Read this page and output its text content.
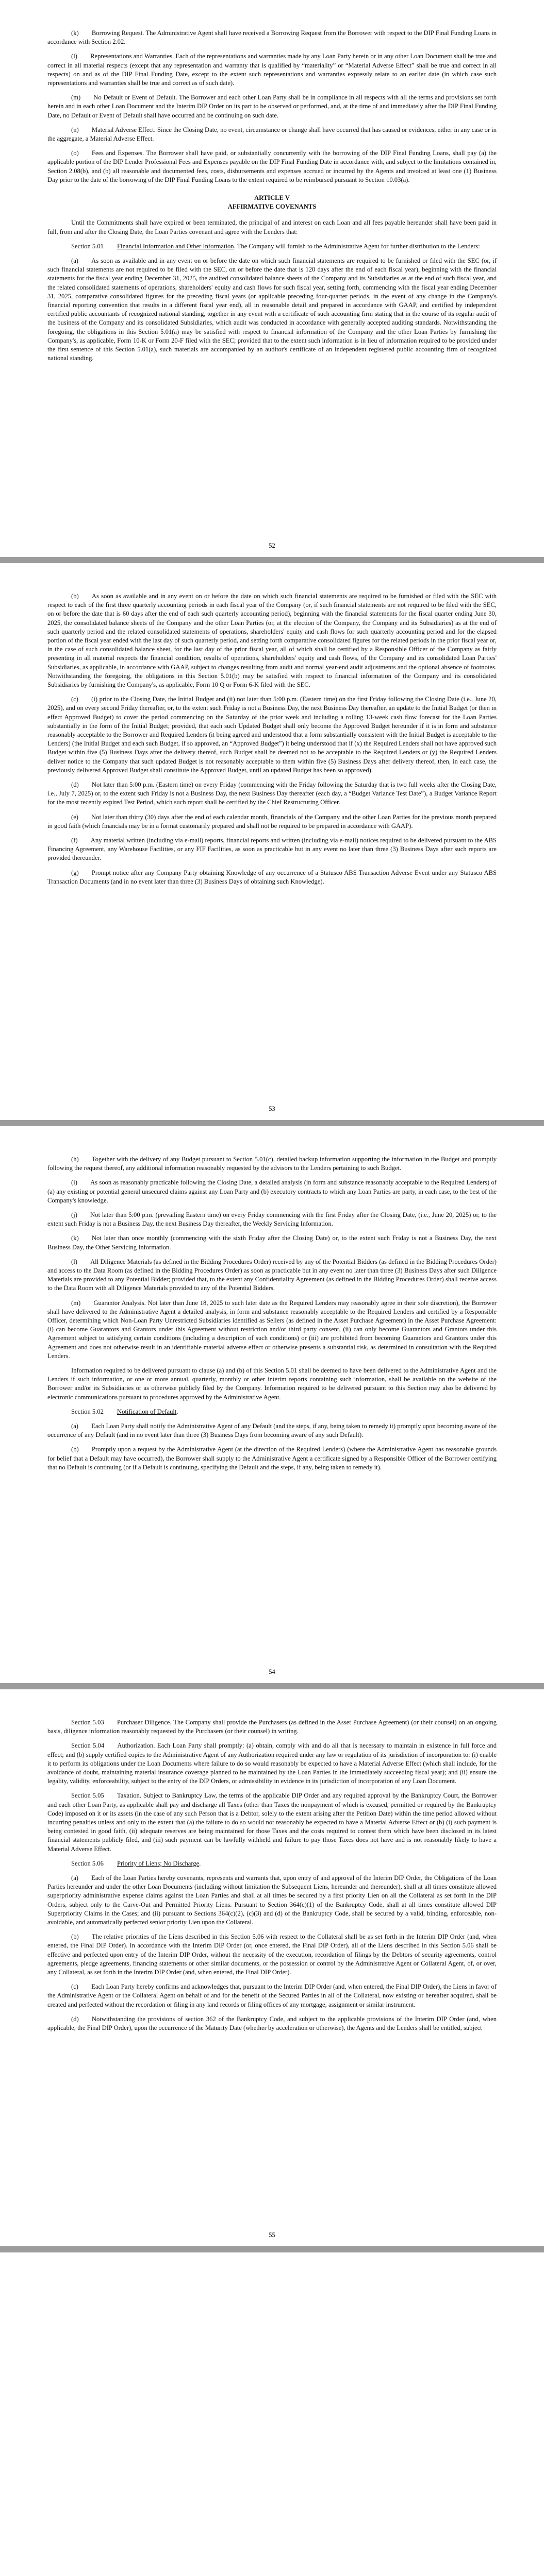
(k)  Borrowing Request. The Administrative Agent shall have received a Borrowing Request from the Borrower with respect to the DIP Final Funding Loans in accordance with Section 2.02.

(l)  Representations and Warranties. Each of the representations and warranties made by any Loan Party herein or in any other Loan Document shall be true and correct in all material respects (except that any representation and warranty that is qualified by “materiality” or “Material Adverse Effect” shall be true and correct in all respects) on and as of the DIP Final Funding Date, except to the extent such representations and warranties expressly relate to an earlier date (in which case such representations and warranties shall be true and correct as of such date).

(m)  No Default or Event of Default. The Borrower and each other Loan Party shall be in compliance in all respects with all the terms and provisions set forth herein and in each other Loan Document and the Interim DIP Order on its part to be observed or performed, and, at the time of and immediately after the DIP Final Funding Date, no Default or Event of Default shall have occurred and be continuing on such date.

(n)  Material Adverse Effect. Since the Closing Date, no event, circumstance or change shall have occurred that has caused or evidences, either in any case or in the aggregate, a Material Adverse Effect.

(o)  Fees and Expenses. The Borrower shall have paid, or substantially concurrently with the borrowing of the DIP Final Funding Loans, shall pay (a) the applicable portion of the DIP Lender Professional Fees and Expenses payable on the DIP Final Funding Date in accordance with, and subject to the limitations contained in, Section 2.08(b), and (b) all reasonable and documented fees, costs, disbursements and expenses accrued or incurred by the Agents and invoiced at least one (1) Business Day prior to the date of the borrowing of the DIP Final Funding Loans to the extent required to be reimbursed pursuant to Section 10.03(a).

ARTICLE V
AFFIRMATIVE COVENANTS

Until the Commitments shall have expired or been terminated, the principal of and interest on each Loan and all fees payable hereunder shall have been paid in full, from and after the Closing Date, the Loan Parties covenant and agree with the Lenders that:

Section 5.01 Financial Information and Other Information. The Company will furnish to the Administrative Agent for further distribution to the Lenders:

(a)  As soon as available and in any event on or before the date on which such financial statements are required to be furnished or filed with the SEC (or, if such financial statements are not required to be filed with the SEC, on or before the date that is 120 days after the end of each fiscal year), beginning with the financial statements for the fiscal year ending December 31, 2025, the audited consolidated balance sheets of the Company and its Subsidiaries as at the end of such fiscal year, and the related consolidated statements of operations, shareholders' equity and cash flows for such fiscal year, setting forth, commencing with the fiscal year ending December 31, 2025, comparative consolidated figures for the preceding fiscal years (or applicable preceding four-quarter periods, in the event of any change in the Company's financial reporting convention that results in a different fiscal year end), all in reasonable detail and prepared in accordance with GAAP, and certified by independent certified public accountants of recognized national standing, together in any event with a certificate of such accounting firm stating that in the course of its regular audit of the business of the Company and its consolidated Subsidiaries, which audit was conducted in accordance with generally accepted auditing standards. Notwithstanding the foregoing, the obligations in this Section 5.01(a) may be satisfied with respect to financial information of the Company and the other Loan Parties by furnishing the Company's, as applicable, Form 10-K or Form 20-F filed with the SEC; provided that to the extent such information is in lieu of information required to be provided under the first sentence of this Section 5.01(a), such materials are accompanied by an auditor's certificate of an independent registered public accounting firm of recognized national standing.

52

(b)  As soon as available and in any event on or before the date on which such financial statements are required to be furnished or filed with the SEC with respect to each of the first three quarterly accounting periods in each fiscal year of the Company (or, if such financial statements are not required to be filed with the SEC, on or before the date that is 60 days after the end of each such quarterly accounting period), beginning with the financial statements for the fiscal quarter ending June 30, 2025, the consolidated balance sheets of the Company and the other Loan Parties (or, at the election of the Company, the Company and its Subsidiaries) as at the end of such quarterly period and the related consolidated statements of operations, shareholders' equity and cash flows for such quarterly accounting period and for the elapsed portion of the fiscal year ended with the last day of such quarterly period, and setting forth comparative consolidated figures for the related periods in the prior fiscal year or, in the case of such consolidated balance sheet, for the last day of the prior fiscal year, all of which shall be certified by a Responsible Officer of the Company as fairly presenting in all material respects the financial condition, results of operations, shareholders' equity and cash flows, of the Company and its consolidated Loan Parties' Subsidiaries, as applicable, in accordance with GAAP, subject to changes resulting from audit and normal year-end audit adjustments and the optional absence of footnotes. Notwithstanding the foregoing, the obligations in this Section 5.01(b) may be satisfied with respect to financial information of the Company and its consolidated Subsidiaries by furnishing the Company's, as applicable, Form 10 Q or Form 6-K filed with the SEC.

(c)  (i) prior to the Closing Date, the Initial Budget and (ii) not later than 5:00 p.m. (Eastern time) on the first Friday following the Closing Date (i.e., June 20, 2025), and on every second Friday thereafter, or, to the extent such Friday is not a Business Day, the next Business Day thereafter, an update to the Initial Budget (or then in effect Approved Budget) to cover the period commencing on the Saturday of the prior week and including a rolling 13-week cash flow forecast for the Loan Parties substantially in the form of the Initial Budget; provided, that each such Updated Budget shall only become the Approved Budget hereunder if it is in form and substance reasonably acceptable to the Borrower and Required Lenders (it being agreed and understood that a form substantially consistent with the Initial Budget is acceptable to the Lenders) (the Initial Budget and each such Budget, if so approved, an “Approved Budget”) it being understood that if (x) the Required Lenders shall not have approved such Budget within five (5) Business Days after the delivery thereof, such Budget shall be deemed not to be acceptable to the Required Lenders or (y) the Required Lenders deliver notice to the Company that such updated Budget is not reasonably acceptable to them within five (5) Business Days after delivery thereof, then, in each case, the previously delivered Approved Budget shall constitute the Approved Budget, until an updated Budget has been so approved).

(d)  Not later than 5:00 p.m. (Eastern time) on every Friday (commencing with the Friday following the Saturday that is two full weeks after the Closing Date, i.e., July 7, 2025) or, to the extent such Friday is not a Business Day, the next Business Day thereafter (each day, a “Budget Variance Test Date”), a Budget Variance Report for the most recently expired Test Period, which such report shall be certified by the Chief Restructuring Officer.

(e)  Not later than thirty (30) days after the end of each calendar month, financials of the Company and the other Loan Parties for the previous month prepared in good faith (which financials may be in a format customarily prepared and shall not be required to be prepared in accordance with GAAP).

(f)  Any material written (including via e-mail) reports, financial reports and written (including via e-mail) notices required to be delivered pursuant to the ABS Financing Agreement, any Warehouse Facilities, or any FIF Facilities, as soon as practicable but in any event no later than three (3) Business Days after such reports are provided thereunder.

(g)  Prompt notice after any Company Party obtaining Knowledge of any occurrence of a Statusco ABS Transaction Adverse Event under any Statusco ABS Transaction Documents (and in no event later than three (3) Business Days of obtaining such Knowledge).

53

(h)  Together with the delivery of any Budget pursuant to Section 5.01(c), detailed backup information supporting the information in the Budget and promptly following the request thereof, any additional information reasonably requested by the advisors to the Lenders pertaining to such Budget.

(i)  As soon as reasonably practicable following the Closing Date, a detailed analysis (in form and substance reasonably acceptable to the Required Lenders) of (a) any existing or potential general unsecured claims against any Loan Party and (b) executory contracts to which any Loan Parties are party, in each case, to the best of the Company's knowledge.

(j)  Not later than 5:00 p.m. (prevailing Eastern time) on every Friday commencing with the first Friday after the Closing Date, (i.e., June 20, 2025) or, to the extent such Friday is not a Business Day, the next Business Day thereafter, the Weekly Servicing Information.

(k)  Not later than once monthly (commencing with the sixth Friday after the Closing Date) or, to the extent such Friday is not a Business Day, the next Business Day, the Other Servicing Information.

(l)  All Diligence Materials (as defined in the Bidding Procedures Order) received by any of the Potential Bidders (as defined in the Bidding Procedures Order) and access to the Data Room (as defined in the Bidding Procedures Order) as soon as practicable but in any event no later than three (3) Business Days after such Diligence Materials are provided to any Potential Bidder; provided that, to the extent any Confidentiality Agreement (as defined in the Bidding Procedures Order) shall receive access to the Data Room with all Diligence Materials provided to any of the Potential Bidders.

(m)  Guarantor Analysis. Not later than June 18, 2025 to such later date as the Required Lenders may reasonably agree in their sole discretion), the Borrower shall have delivered to the Administrative Agent a detailed analysis, in form and substance reasonably acceptable to the Required Lenders and certified by a Responsible Officer, determining which Non-Loan Party Unrestricted Subsidiaries identified as Sellers (as defined in the Asset Purchase Agreement) in the Asset Purchase Agreement: (i) can become Guarantors and Grantors under this Agreement without restriction and/or third party consent, (ii) can only become Guarantors and Grantors under this Agreement subject to satisfying certain conditions (including a description of such conditions) or (iii) are prohibited from becoming Guarantors and Grantors under this Agreement and does not otherwise result in an identifiable material adverse effect or otherwise presents a substantial risk, as determined in consultation with the Required Lenders.

Information required to be delivered pursuant to clause (a) and (b) of this Section 5.01 shall be deemed to have been delivered to the Administrative Agent and the Lenders if such information, or one or more annual, quarterly, monthly or other interim reports containing such information, shall be available on the website of the Borrower and/or its Subsidiaries or as otherwise publicly filed by the Company. Information required to be delivered pursuant to this Section may also be delivered by electronic communications pursuant to procedures approved by the Administrative Agent.

Section 5.02 Notification of Default.

(a)  Each Loan Party shall notify the Administrative Agent of any Default (and the steps, if any, being taken to remedy it) promptly upon becoming aware of the occurrence of any Default (and in no event later than three (3) Business Days from becoming aware of any such Default).

(b)  Promptly upon a request by the Administrative Agent (at the direction of the Required Lenders) (where the Administrative Agent has reasonable grounds for belief that a Default may have occurred), the Borrower shall supply to the Administrative Agent a certificate signed by a Responsible Officer of the Borrower certifying that no Default is continuing (or if a Default is continuing, specifying the Default and the steps, if any, being taken to remedy it).

54

Section 5.03  Purchaser Diligence. The Company shall provide the Purchasers (as defined in the Asset Purchase Agreement) (or their counsel) on an ongoing basis, diligence information reasonably requested by the Purchasers (or their counsel) in writing.

Section 5.04  Authorization. Each Loan Party shall promptly: (a) obtain, comply with and do all that is necessary to maintain in existence in full force and effect; and (b) supply certified copies to the Administrative Agent of any Authorization required under any law or regulation of its jurisdiction of incorporation to: (i) enable it to perform its obligations under the Loan Documents where failure to do so would reasonably be expected to have a Material Adverse Effect (which shall include, for the avoidance of doubt, maintaining material insurance coverage planned to be maintained by the Loan Parties in the immediately succeeding fiscal year); and (ii) ensure the legality, validity, enforceability, subject to the entry of the DIP Orders, or admissibility in evidence in its jurisdiction of incorporation of any Loan Document.

Section 5.05  Taxation. Subject to Bankruptcy Law, the terms of the applicable DIP Order and any required approval by the Bankruptcy Court, the Borrower and each other Loan Party, as applicable shall pay and discharge all Taxes (other than Taxes the nonpayment of which is excused, permitted or required by the Bankruptcy Code) imposed on it or its assets (in the case of any such Person that is a Debtor, solely to the extent arising after the Petition Date) within the time period allowed without incurring penalties unless and only to the extent that (a) the failure to do so would not reasonably be expected to have a Material Adverse Effect or (b) (i) such payment is being contested in good faith, (ii) adequate reserves are being maintained for those Taxes and the costs required to contest them which have been disclosed in its latest financial statements publicly filed, and (iii) such payment can be lawfully withheld and failure to pay those Taxes does not have and is not reasonably likely to have a Material Adverse Effect.

Section 5.06 Priority of Liens; No Discharge.

(a)  Each of the Loan Parties hereby covenants, represents and warrants that, upon entry of and approval of the Interim DIP Order, the Obligations of the Loan Parties hereunder and under the other Loan Documents (including without limitation the Subsequent Liens, hereunder and thereunder), shall at all times constitute allowed superpriority administrative expense claims against the Loan Parties and shall at all times be secured by a first priority Lien on all the Collateral as set forth in the DIP Orders, subject only to the Carve-Out and Permitted Priority Liens. Pursuant to Section 364(c)(1) of the Bankruptcy Code, shall at all times constitute allowed DIP Superpriority Claims in the Cases; and (ii) pursuant to Sections 364(c)(2), (c)(3) and (d) of the Bankruptcy Code, shall be secured by a valid, binding, enforceable, non-avoidable, and automatically perfected senior priority Lien upon the Collateral.

(b)  The relative priorities of the Liens described in this Section 5.06 with respect to the Collateral shall be as set forth in the Interim DIP Order (and, when entered, the Final DIP Order). In accordance with the Interim DIP Order (or, once entered, the Final DIP Order), all of the Liens described in this Section 5.06 shall be effective and perfected upon entry of the Interim DIP Order, without the necessity of the execution, recordation of filings by the Debtors of security agreements, control agreements, pledge agreements, financing statements or other similar documents, or the possession or control by the Administrative Agent or Collateral Agent, of, or over, any Collateral, as set forth in the Interim DIP Order (and, when entered, the Final DIP Order).

(c)  Each Loan Party hereby confirms and acknowledges that, pursuant to the Interim DIP Order (and, when entered, the Final DIP Order), the Liens in favor of the Administrative Agent or the Collateral Agent on behalf of and for the benefit of the Secured Parties in all of the Collateral, now existing or hereafter acquired, shall be created and perfected without the recordation or filing in any land records or filing offices of any mortgage, assignment or similar instrument.

(d)  Notwithstanding the provisions of section 362 of the Bankruptcy Code, and subject to the applicable provisions of the Interim DIP Order (and, when applicable, the Final DIP Order), upon the occurrence of the Maturity Date (whether by acceleration or otherwise), the Agents and the Lenders shall be entitled, subject

55
